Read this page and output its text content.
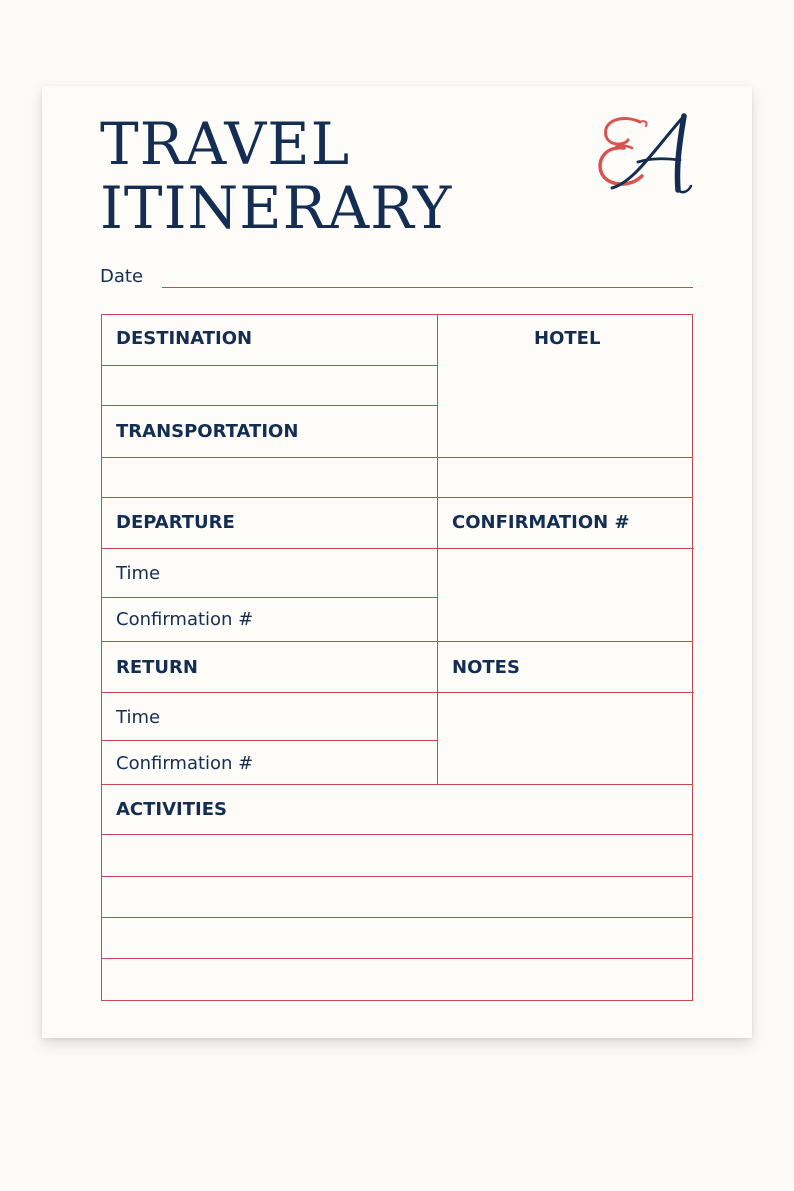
TRAVEL
ITINERARY
Date
DESTINATION	HOTEL
TRANSPORTATION
DEPARTURE	CONFIRMATION #
Time
Confirmation #
RETURN	NOTES
Time
Confirmation #
ACTIVITIES
